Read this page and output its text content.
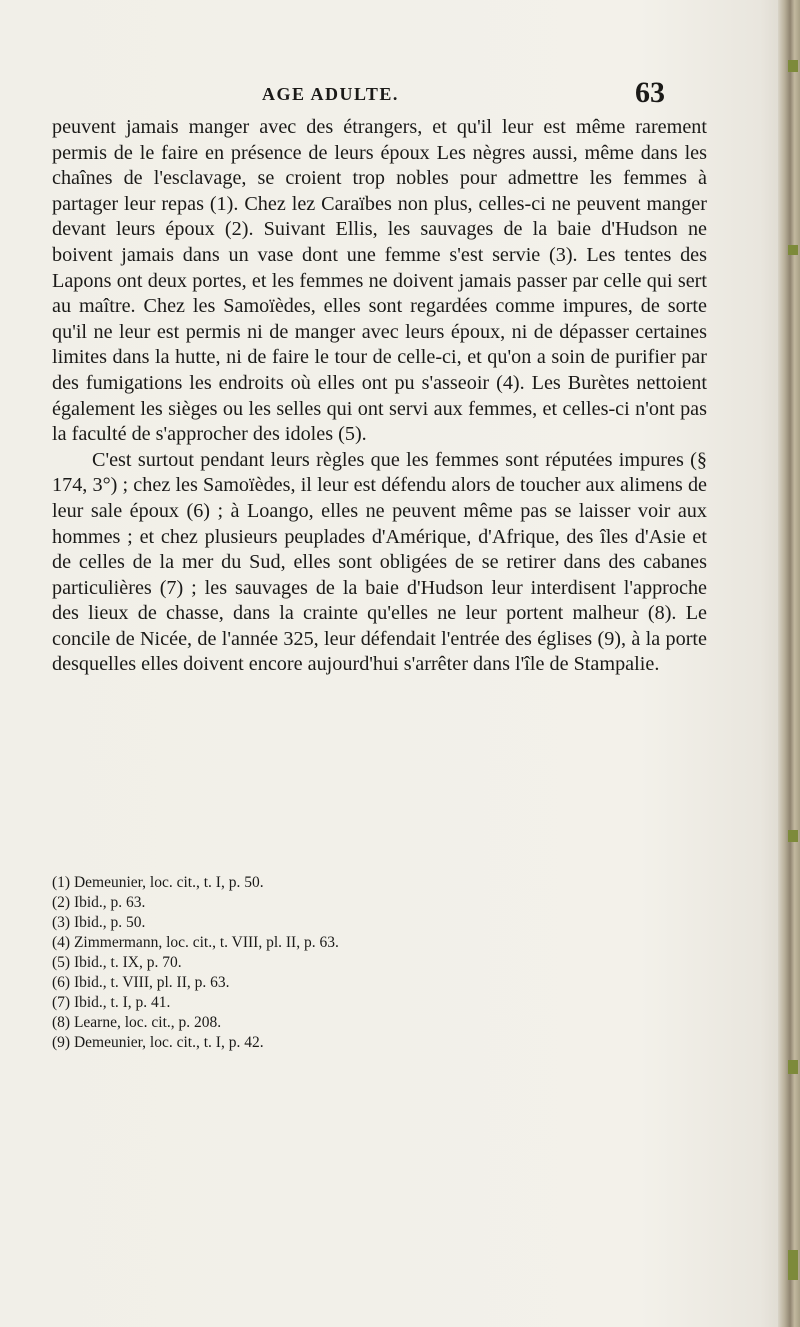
AGE ADULTE.	63

peuvent jamais manger avec des étrangers, et qu'il leur est même rarement permis de le faire en présence de leurs époux Les nègres aussi, même dans les chaînes de l'esclavage, se croient trop nobles pour admettre les femmes à partager leur repas (1). Chez lez Caraïbes non plus, celles-ci ne peuvent manger devant leurs époux (2). Suivant Ellis, les sauvages de la baie d'Hudson ne boivent jamais dans un vase dont une femme s'est servie (3). Les tentes des Lapons ont deux portes, et les femmes ne doivent jamais passer par celle qui sert au maître. Chez les Samoïèdes, elles sont regardées comme impures, de sorte qu'il ne leur est permis ni de manger avec leurs époux, ni de dépasser certaines limites dans la hutte, ni de faire le tour de celle-ci, et qu'on a soin de purifier par des fumigations les endroits où elles ont pu s'asseoir (4). Les Burètes nettoient également les sièges ou les selles qui ont servi aux femmes, et celles-ci n'ont pas la faculté de s'approcher des idoles (5).

C'est surtout pendant leurs règles que les femmes sont réputées impures (§ 174, 3°) ; chez les Samoïèdes, il leur est défendu alors de toucher aux alimens de leur sale époux (6) ; à Loango, elles ne peuvent même pas se laisser voir aux hommes ; et chez plusieurs peuplades d'Amérique, d'Afrique, des îles d'Asie et de celles de la mer du Sud, elles sont obligées de se retirer dans des cabanes particulières (7) ; les sauvages de la baie d'Hudson leur interdisent l'approche des lieux de chasse, dans la crainte qu'elles ne leur portent malheur (8). Le concile de Nicée, de l'année 325, leur défendait l'entrée des églises (9), à la porte desquelles elles doivent encore aujourd'hui s'arrêter dans l'île de Stampalie.

(1) Demeunier, loc. cit., t. I, p. 50.
(2) Ibid., p. 63.
(3) Ibid., p. 50.
(4) Zimmermann, loc. cit., t. VIII, pl. II, p. 63.
(5) Ibid., t. IX, p. 70.
(6) Ibid., t. VIII, pl. II, p. 63.
(7) Ibid., t. I, p. 41.
(8) Learne, loc. cit., p. 208.
(9) Demeunier, loc. cit., t. I, p. 42.
